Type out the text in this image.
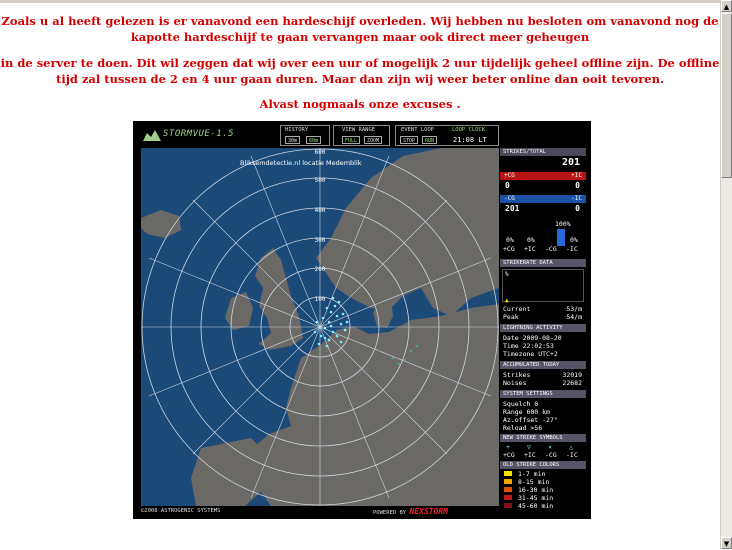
Zoals u al heeft gelezen is er vanavond een hardeschijf overleden. Wij hebben nu besloten om vanavond nog de kapotte hardeschijf te gaan vervangen maar ook direct meer geheugen
in de server te doen. Dit wil zeggen dat wij over een uur of mogelijk 2 uur tijdelijk geheel offline zijn. De offline tijd zal tussen de 2 en 4 uur gaan duren. Maar dan zijn wij weer beter online dan ooit tevoren.
Alvast nogmaals onze excuses .
STORMVUE-1.5	HISTORY
30m	60m
VIEW RANGE
FULL	ZOOM
EVENT LOOP	LOOP CLOCK
STOP	RUN	21:08 LT
100
200
300
400
500
600
× ×
×
×
×
Bliksemdetectie.nl locatie Medemblik
STRIKES/TOTAL
201
+CG	+IC
0	0
-CG	-IC
201	0
100%
0%	0%	0%
+CG	+IC	-CG	-IC
STRIKERATE DATA
%
▲
Current	53/m
Peak	54/m
LIGHTNING ACTIVITY
Date 2009-08-20
Time 22:02:53
Timezone UTC+2
ACCUMULATED TODAY
Strikes	32019
Noises	22682
SYSTEM SETTINGS
Squelch 0
Range 600 km
Az.offset -27°
Reload >56
NEW STRIKE SYMBOLS
+	▽	×	△
+CG	+IC	-CG	-IC
OLD STRIKE COLORS
1-7 min
8-15 min
16-30 min
31-45 min
45-60 min
©2008 ASTROGENIC SYSTEMS	POWERED BY NEXSTORM
▲
▼
